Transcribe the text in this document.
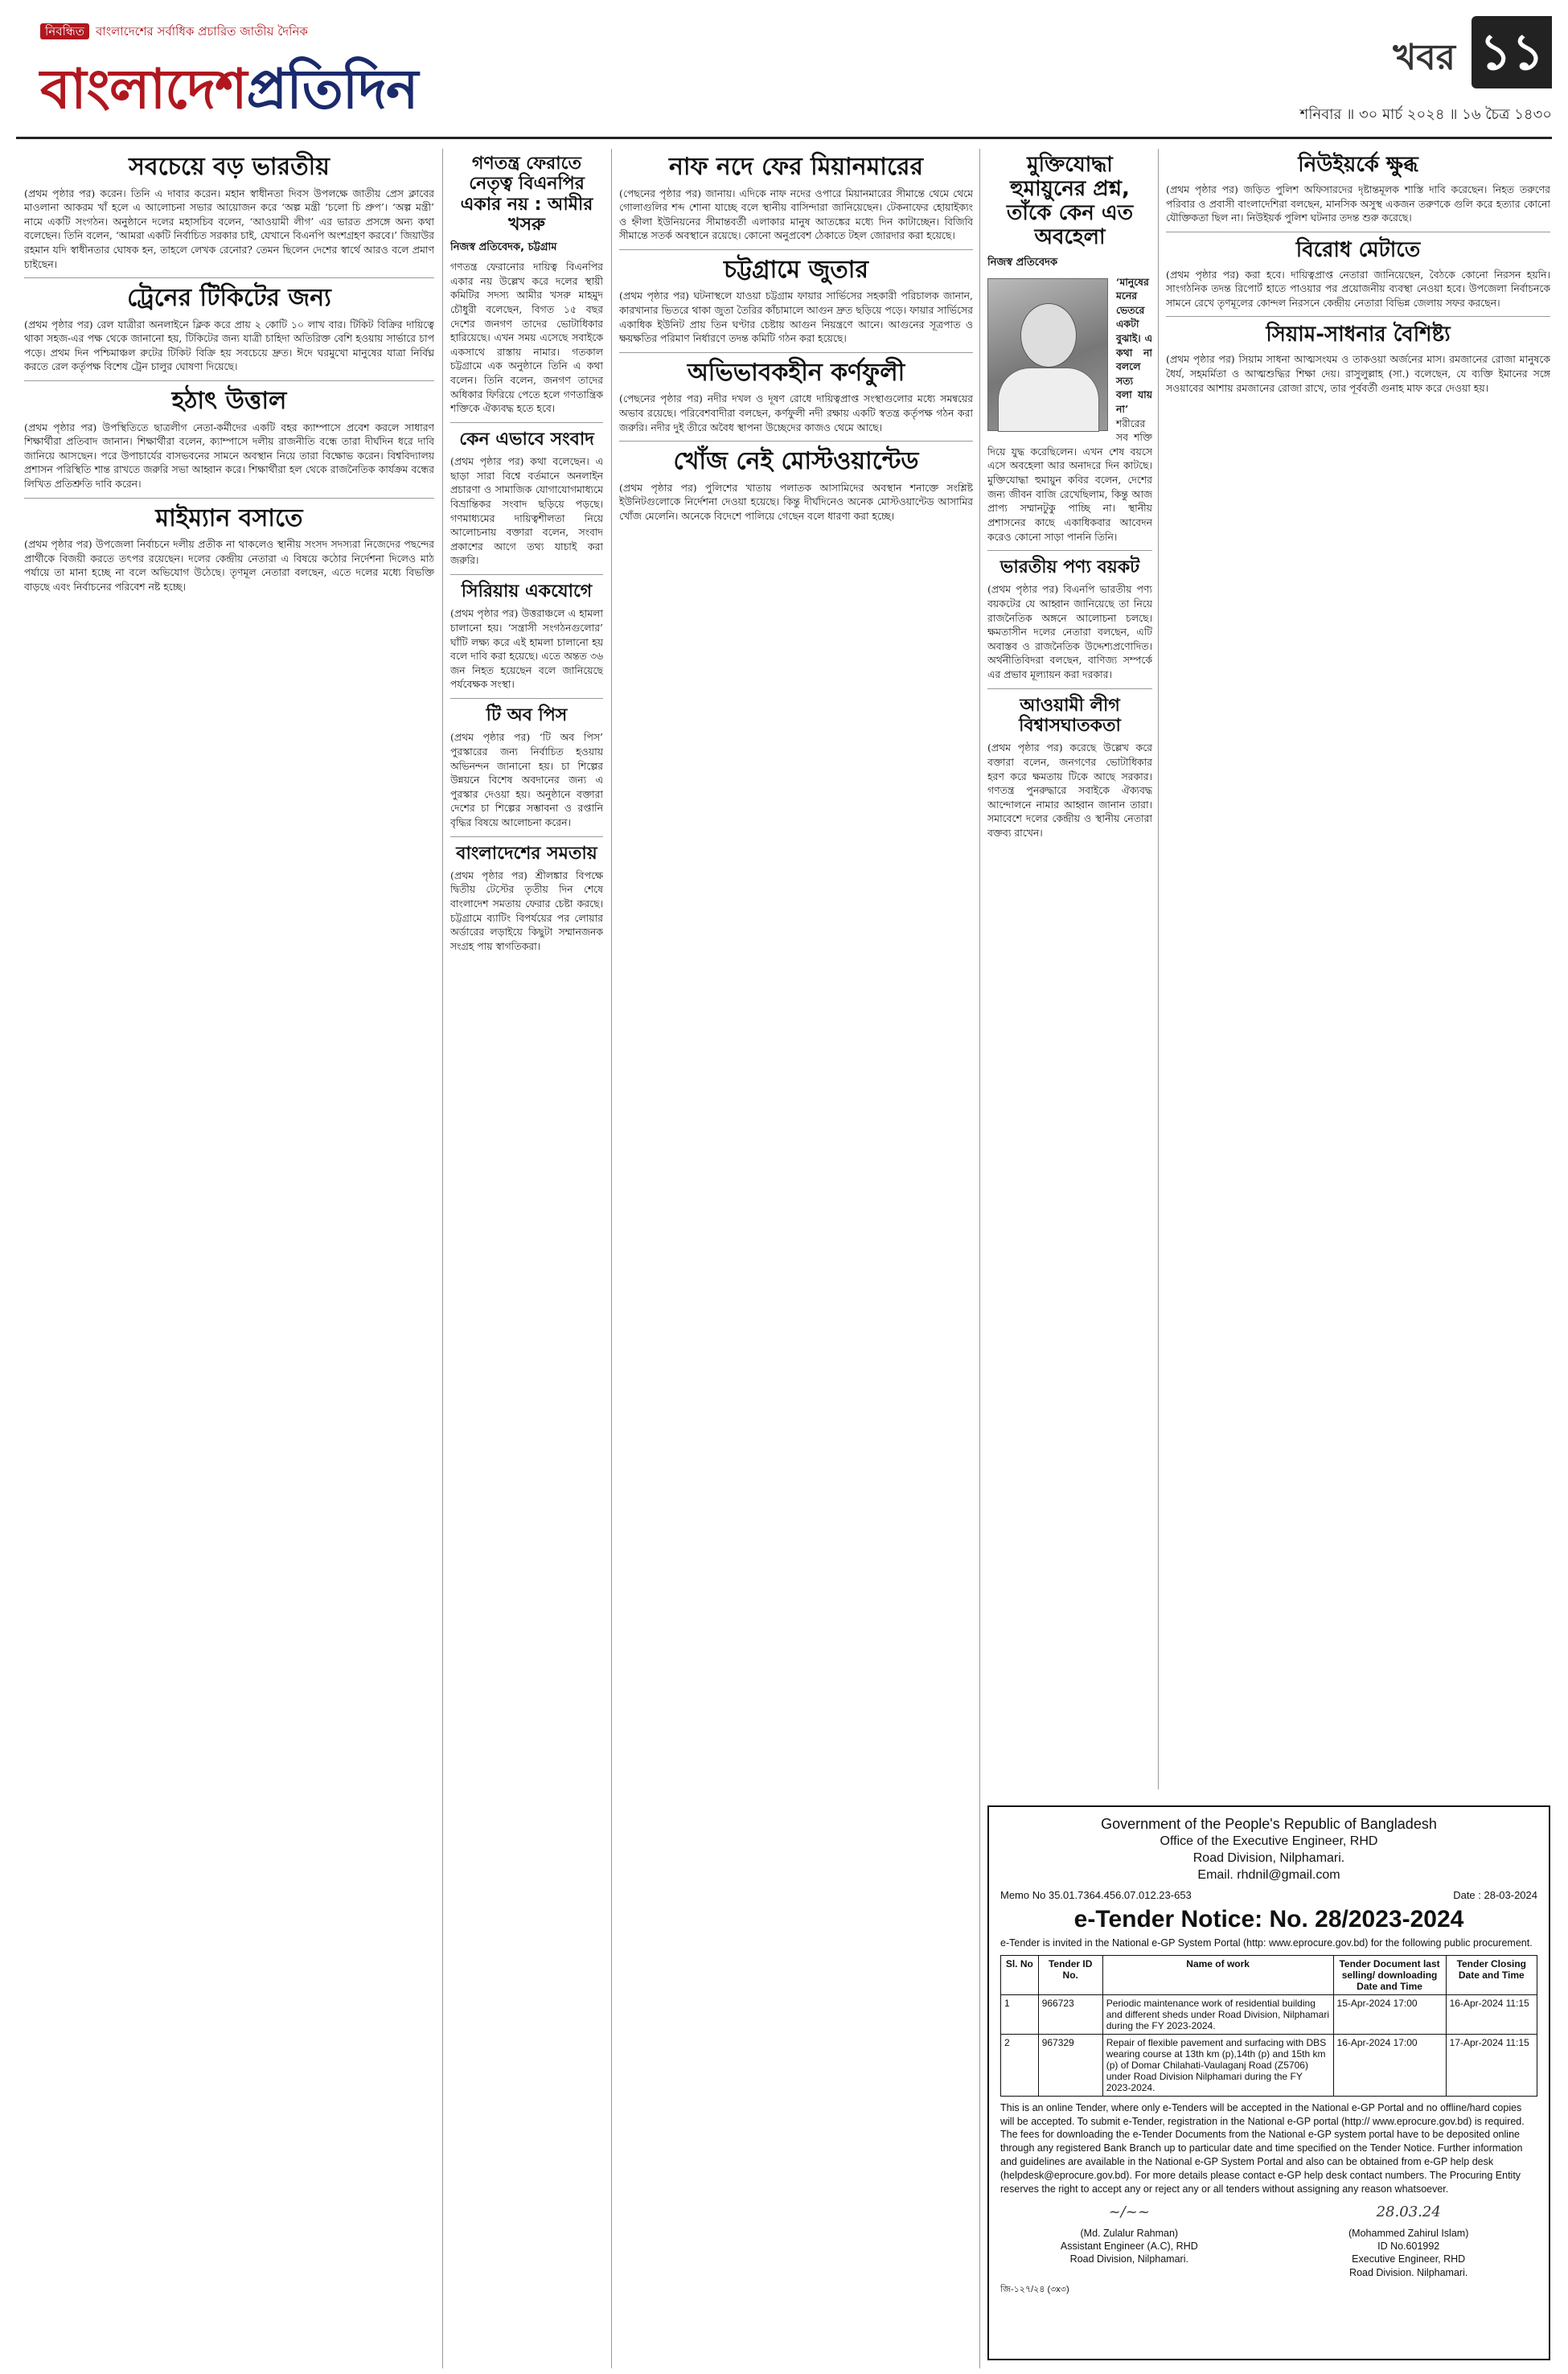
নিবন্ধিত বাংলাদেশের সর্বাধিক প্রচারিত জাতীয় দৈনিক
বাংলাদেশপ্রতিদিন
খবর ১১
শনিবার ॥ ৩০ মার্চ ২০২৪ ॥ ১৬ চৈত্র ১৪৩০
সবচেয়ে বড় ভারতীয়
(প্রথম পৃষ্ঠার পর) করেন। তিনি এ দাবার করেন। মহান স্বাধীনতা দিবস উপলক্ষে জাতীয় প্রেস ক্লাবের মাওলানা আকরম খাঁ হলে এ আলোচনা সভার আয়োজন করে ‘অল্প মন্ত্রী ‘চলো চি প্রুপ’। ‘অল্প মন্ত্রী’ নামে একটি সংগঠন। অনুষ্ঠানে দলের মহাসচিব বলেন, ‘আওয়ামী লীগ’ এর ভারত প্রসঙ্গে অন্য কথা বলেছেন। তিনি বলেন, ‘আমরা একটি নির্বাচিত সরকার চাই, যেখানে বিএনপি অংশগ্রহণ করবে।’ জিয়াউর রহমান যদি স্বাধীনতার ঘোষক হন, তাহলে লেখক রেনোর? তেমন ছিলেন দেশের স্বার্থে আরও বলে প্রমাণ চাইছেন।
ট্রেনের টিকিটের জন্য
(প্রথম পৃষ্ঠার পর) রেল যাত্রীরা অনলাইনে ক্লিক করে প্রায় ২ কোটি ১০ লাখ বার। টিকিট বিক্রির দায়িত্বে থাকা সহজ-এর পক্ষ থেকে জানানো হয়, টিকিটের জন্য যাত্রী চাহিদা অতিরিক্ত বেশি হওয়ায় সার্ভারে চাপ পড়ে। প্রথম দিন পশ্চিমাঞ্চল রুটের টিকিট বিক্রি হয় সবচেয়ে দ্রুত। ঈদে ঘরমুখো মানুষের যাত্রা নির্বিঘ্ন করতে রেল কর্তৃপক্ষ বিশেষ ট্রেন চালুর ঘোষণা দিয়েছে।
হঠাৎ উত্তাল
(প্রথম পৃষ্ঠার পর) উপস্থিতিতে ছাত্রলীগ নেতা-কর্মীদের একটি বহর ক্যাম্পাসে প্রবেশ করলে সাধারণ শিক্ষার্থীরা প্রতিবাদ জানান। শিক্ষার্থীরা বলেন, ক্যাম্পাসে দলীয় রাজনীতি বন্ধে তারা দীর্ঘদিন ধরে দাবি জানিয়ে আসছেন। পরে উপাচার্যের বাসভবনের সামনে অবস্থান নিয়ে তারা বিক্ষোভ করেন। বিশ্ববিদ্যালয় প্রশাসন পরিস্থিতি শান্ত রাখতে জরুরি সভা আহ্বান করে। শিক্ষার্থীরা হল থেকে রাজনৈতিক কার্যক্রম বন্ধের লিখিত প্রতিশ্রুতি দাবি করেন।
মাইম্যান বসাতে
(প্রথম পৃষ্ঠার পর) উপজেলা নির্বাচনে দলীয় প্রতীক না থাকলেও স্থানীয় সংসদ সদস্যরা নিজেদের পছন্দের প্রার্থীকে বিজয়ী করতে তৎপর রয়েছেন। দলের কেন্দ্রীয় নেতারা এ বিষয়ে কঠোর নির্দেশনা দিলেও মাঠ পর্যায়ে তা মানা হচ্ছে না বলে অভিযোগ উঠেছে। তৃণমূল নেতারা বলছেন, এতে দলের মধ্যে বিভক্তি বাড়ছে এবং নির্বাচনের পরিবেশ নষ্ট হচ্ছে।
গণতন্ত্র ফেরাতে নেতৃত্ব বিএনপির একার নয় : আমীর খসরু
নিজস্ব প্রতিবেদক, চট্টগ্রাম
গণতন্ত্র ফেরানোর দায়িত্ব বিএনপির একার নয় উল্লেখ করে দলের স্থায়ী কমিটির সদস্য আমীর খসরু মাহমুদ চৌধুরী বলেছেন, বিগত ১৫ বছর দেশের জনগণ তাদের ভোটাধিকার হারিয়েছে। এখন সময় এসেছে সবাইকে একসাথে রাস্তায় নামার। গতকাল চট্টগ্রামে এক অনুষ্ঠানে তিনি এ কথা বলেন। তিনি বলেন, জনগণ তাদের অধিকার ফিরিয়ে পেতে হলে গণতান্ত্রিক শক্তিকে ঐক্যবদ্ধ হতে হবে।
কেন এভাবে সংবাদ
(প্রথম পৃষ্ঠার পর) কথা বলেছেন। এ ছাড়া সারা বিশ্বে বর্তমানে অনলাইন প্রচারণা ও সামাজিক যোগাযোগমাধ্যমে বিভ্রান্তিকর সংবাদ ছড়িয়ে পড়ছে। গণমাধ্যমের দায়িত্বশীলতা নিয়ে আলোচনায় বক্তারা বলেন, সংবাদ প্রকাশের আগে তথ্য যাচাই করা জরুরি।
সিরিয়ায় একযোগে
(প্রথম পৃষ্ঠার পর) উত্তরাঞ্চলে এ হামলা চালানো হয়। ‘সন্ত্রাসী সংগঠনগুলোর’ ঘাঁটি লক্ষ্য করে এই হামলা চালানো হয় বলে দাবি করা হয়েছে। এতে অন্তত ৩৬ জন নিহত হয়েছেন বলে জানিয়েছে পর্যবেক্ষক সংস্থা।
টি অব পিস
(প্রথম পৃষ্ঠার পর) ‘টি অব পিস’ পুরস্কারের জন্য নির্বাচিত হওয়ায় অভিনন্দন জানানো হয়। চা শিল্পের উন্নয়নে বিশেষ অবদানের জন্য এ পুরস্কার দেওয়া হয়। অনুষ্ঠানে বক্তারা দেশের চা শিল্পের সম্ভাবনা ও রপ্তানি বৃদ্ধির বিষয়ে আলোচনা করেন।
বাংলাদেশের সমতায়
(প্রথম পৃষ্ঠার পর) শ্রীলঙ্কার বিপক্ষে দ্বিতীয় টেস্টের তৃতীয় দিন শেষে বাংলাদেশ সমতায় ফেরার চেষ্টা করছে। চট্টগ্রামে ব্যাটিং বিপর্যয়ের পর লোয়ার অর্ডারের লড়াইয়ে কিছুটা সম্মানজনক সংগ্রহ পায় স্বাগতিকরা।
নাফ নদে ফের মিয়ানমারের
(পেছনের পৃষ্ঠার পর) জানায়। এদিকে নাফ নদের ওপারে মিয়ানমারের সীমান্তে থেমে থেমে গোলাগুলির শব্দ শোনা যাচ্ছে বলে স্থানীয় বাসিন্দারা জানিয়েছেন। টেকনাফের হোয়াইক্যং ও হ্নীলা ইউনিয়নের সীমান্তবর্তী এলাকার মানুষ আতঙ্কের মধ্যে দিন কাটাচ্ছেন। বিজিবি সীমান্তে সতর্ক অবস্থানে রয়েছে। কোনো অনুপ্রবেশ ঠেকাতে টহল জোরদার করা হয়েছে।
চট্টগ্রামে জুতার
(প্রথম পৃষ্ঠার পর) ঘটনাস্থলে যাওয়া চট্টগ্রাম ফায়ার সার্ভিসের সহকারী পরিচালক জানান, কারখানার ভিতরে থাকা জুতা তৈরির কাঁচামালে আগুন দ্রুত ছড়িয়ে পড়ে। ফায়ার সার্ভিসের একাধিক ইউনিট প্রায় তিন ঘণ্টার চেষ্টায় আগুন নিয়ন্ত্রণে আনে। আগুনের সূত্রপাত ও ক্ষয়ক্ষতির পরিমাণ নির্ধারণে তদন্ত কমিটি গঠন করা হয়েছে।
অভিভাবকহীন কর্ণফুলী
(পেছনের পৃষ্ঠার পর) নদীর দখল ও দূষণ রোধে দায়িত্বপ্রাপ্ত সংস্থাগুলোর মধ্যে সমন্বয়ের অভাব রয়েছে। পরিবেশবাদীরা বলছেন, কর্ণফুলী নদী রক্ষায় একটি স্বতন্ত্র কর্তৃপক্ষ গঠন করা জরুরি। নদীর দুই তীরে অবৈধ স্থাপনা উচ্ছেদের কাজও থেমে আছে।
খোঁজ নেই মোস্টওয়ান্টেড
(প্রথম পৃষ্ঠার পর) পুলিশের খাতায় পলাতক আসামিদের অবস্থান শনাক্তে সংশ্লিষ্ট ইউনিটগুলোকে নির্দেশনা দেওয়া হয়েছে। কিন্তু দীর্ঘদিনেও অনেক মোস্টওয়ান্টেড আসামির খোঁজ মেলেনি। অনেকে বিদেশে পালিয়ে গেছেন বলে ধারণা করা হচ্ছে।
মুক্তিযোদ্ধা হুমায়ুনের প্রশ্ন, তাঁকে কেন এত অবহেলা
নিজস্ব প্রতিবেদক
‘মানুষের মনের ভেতরে একটা বুঝাই। এ কথা না বললে সত্য বলা যায় না’
শরীরের সব শক্তি দিয়ে যুদ্ধ করেছিলেন। এখন শেষ বয়সে এসে অবহেলা আর অনাদরে দিন কাটছে। মুক্তিযোদ্ধা হুমায়ুন কবির বলেন, দেশের জন্য জীবন বাজি রেখেছিলাম, কিন্তু আজ প্রাপ্য সম্মানটুকু পাচ্ছি না। স্থানীয় প্রশাসনের কাছে একাধিকবার আবেদন করেও কোনো সাড়া পাননি তিনি।
ভারতীয় পণ্য বয়কট
(প্রথম পৃষ্ঠার পর) বিএনপি ভারতীয় পণ্য বয়কটের যে আহ্বান জানিয়েছে তা নিয়ে রাজনৈতিক অঙ্গনে আলোচনা চলছে। ক্ষমতাসীন দলের নেতারা বলছেন, এটি অবাস্তব ও রাজনৈতিক উদ্দেশ্যপ্রণোদিত। অর্থনীতিবিদরা বলছেন, বাণিজ্য সম্পর্কে এর প্রভাব মূল্যায়ন করা দরকার।
আওয়ামী লীগ বিশ্বাসঘাতকতা
(প্রথম পৃষ্ঠার পর) করেছে উল্লেখ করে বক্তারা বলেন, জনগণের ভোটাধিকার হরণ করে ক্ষমতায় টিকে আছে সরকার। গণতন্ত্র পুনরুদ্ধারে সবাইকে ঐক্যবদ্ধ আন্দোলনে নামার আহ্বান জানান তারা। সমাবেশে দলের কেন্দ্রীয় ও স্থানীয় নেতারা বক্তব্য রাখেন।
নিউইয়র্কে ক্ষুব্ধ
(প্রথম পৃষ্ঠার পর) জড়িত পুলিশ অফিসারদের দৃষ্টান্তমূলক শাস্তি দাবি করেছেন। নিহত তরুণের পরিবার ও প্রবাসী বাংলাদেশিরা বলছেন, মানসিক অসুস্থ একজন তরুণকে গুলি করে হত্যার কোনো যৌক্তিকতা ছিল না। নিউইয়র্ক পুলিশ ঘটনার তদন্ত শুরু করেছে।
বিরোধ মেটাতে
(প্রথম পৃষ্ঠার পর) করা হবে। দায়িত্বপ্রাপ্ত নেতারা জানিয়েছেন, বৈঠকে কোনো নিরসন হয়নি। সাংগঠনিক তদন্ত রিপোর্ট হাতে পাওয়ার পর প্রয়োজনীয় ব্যবস্থা নেওয়া হবে। উপজেলা নির্বাচনকে সামনে রেখে তৃণমূলের কোন্দল নিরসনে কেন্দ্রীয় নেতারা বিভিন্ন জেলায় সফর করছেন।
সিয়াম-সাধনার বৈশিষ্ট্য
(প্রথম পৃষ্ঠার পর) সিয়াম সাধনা আত্মসংযম ও তাকওয়া অর্জনের মাস। রমজানের রোজা মানুষকে ধৈর্য, সহমর্মিতা ও আত্মশুদ্ধির শিক্ষা দেয়। রাসুলুল্লাহ (সা.) বলেছেন, যে ব্যক্তি ইমানের সঙ্গে সওয়াবের আশায় রমজানের রোজা রাখে, তার পূর্ববর্তী গুনাহ মাফ করে দেওয়া হয়।
Government of the People's Republic of Bangladesh
Office of the Executive Engineer, RHD
Road Division, Nilphamari.
Email. rhdnil@gmail.com
Memo No 35.01.7364.456.07.012.23-653	Date : 28-03-2024
e-Tender Notice: No. 28/2023-2024
e-Tender is invited in the National e-GP System Portal (http: www.eprocure.gov.bd) for the following public procurement.
Sl. No	Tender ID No.	Name of work	Tender Document last selling/ downloading Date and Time	Tender Closing Date and Time
1	966723	Periodic maintenance work of residential building and different sheds under Road Division, Nilphamari during the FY 2023-2024.	15-Apr-2024 17:00	16-Apr-2024 11:15
2	967329	Repair of flexible pavement and surfacing with DBS wearing course at 13th km (p),14th (p) and 15th km (p) of Domar Chilahati-Vaulaganj Road (Z5706) under Road Division Nilphamari during the FY 2023-2024.	16-Apr-2024 17:00	17-Apr-2024 11:15
This is an online Tender, where only e-Tenders will be accepted in the National e-GP Portal and no offline/hard copies will be accepted. To submit e-Tender, registration in the National e-GP portal (http:// www.eprocure.gov.bd) is required. The fees for downloading the e-Tender Documents from the National e-GP system portal have to be deposited online through any registered Bank Branch up to particular date and time specified on the Tender Notice. Further information and guidelines are available in the National e-GP System Portal and also can be obtained from e-GP help desk (helpdesk@eprocure.gov.bd). For more details please contact e-GP help desk contact numbers. The Procuring Entity reserves the right to accept any or reject any or all tenders without assigning any reason whatsoever.
~/~~
(Md. Zulalur Rahman)
Assistant Engineer (A.C), RHD
Road Division, Nilphamari.
28.03.24
(Mohammed Zahirul Islam)
ID No.601992
Executive Engineer, RHD
Road Division. Nilphamari.
জি-১২৭/২৪ (৩x৩)
